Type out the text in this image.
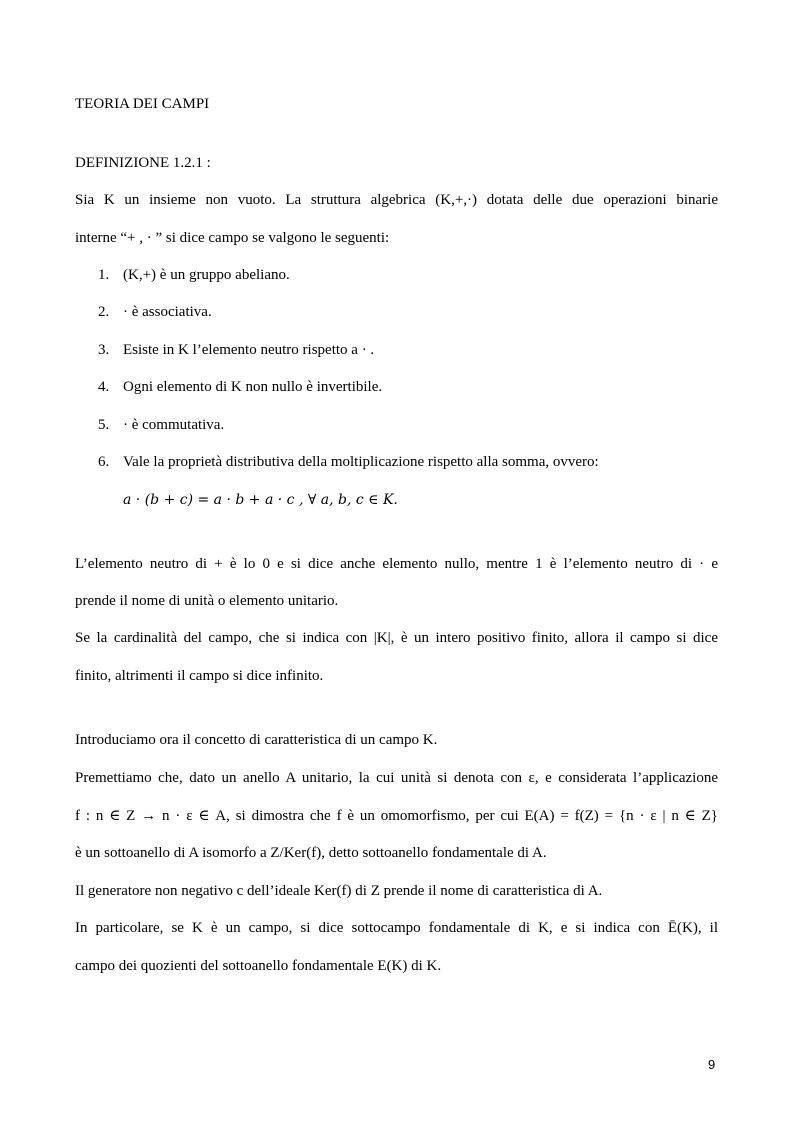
TEORIA DEI CAMPI
DEFINIZIONE 1.2.1 :
Sia K un insieme non vuoto. La struttura algebrica (K,+,·) dotata delle due operazioni binarie
interne “+ , · ” si dice campo se valgono le seguenti:
1. (K,+) è un gruppo abeliano.
2. · è associativa.
3. Esiste in K l’elemento neutro rispetto a · .
4. Ogni elemento di K non nullo è invertibile.
5. · è commutativa.
6. Vale la proprietà distributiva della moltiplicazione rispetto alla somma, ovvero:
a · (b + c) = a · b + a · c , ∀ a, b, c ∈ K.
L’elemento neutro di + è lo 0 e si dice anche elemento nullo, mentre 1 è l’elemento neutro di · e
prende il nome di unità o elemento unitario.
Se la cardinalità del campo, che si indica con |K|, è un intero positivo finito, allora il campo si dice
finito, altrimenti il campo si dice infinito.
Introduciamo ora il concetto di caratteristica di un campo K.
Premettiamo che, dato un anello A unitario, la cui unità si denota con ε, e considerata l’applicazione
f : n ∈ Z → n · ε ∈ A, si dimostra che f è un omomorfismo, per cui E(A) = f(Z) = {n · ε | n ∈ Z}
è un sottoanello di A isomorfo a Z/Ker(f), detto sottoanello fondamentale di A.
Il generatore non negativo c dell’ideale Ker(f) di Z prende il nome di caratteristica di A.
In particolare, se K è un campo, si dice sottocampo fondamentale di K, e si indica con Ē(K), il
campo dei quozienti del sottoanello fondamentale E(K) di K.
9
